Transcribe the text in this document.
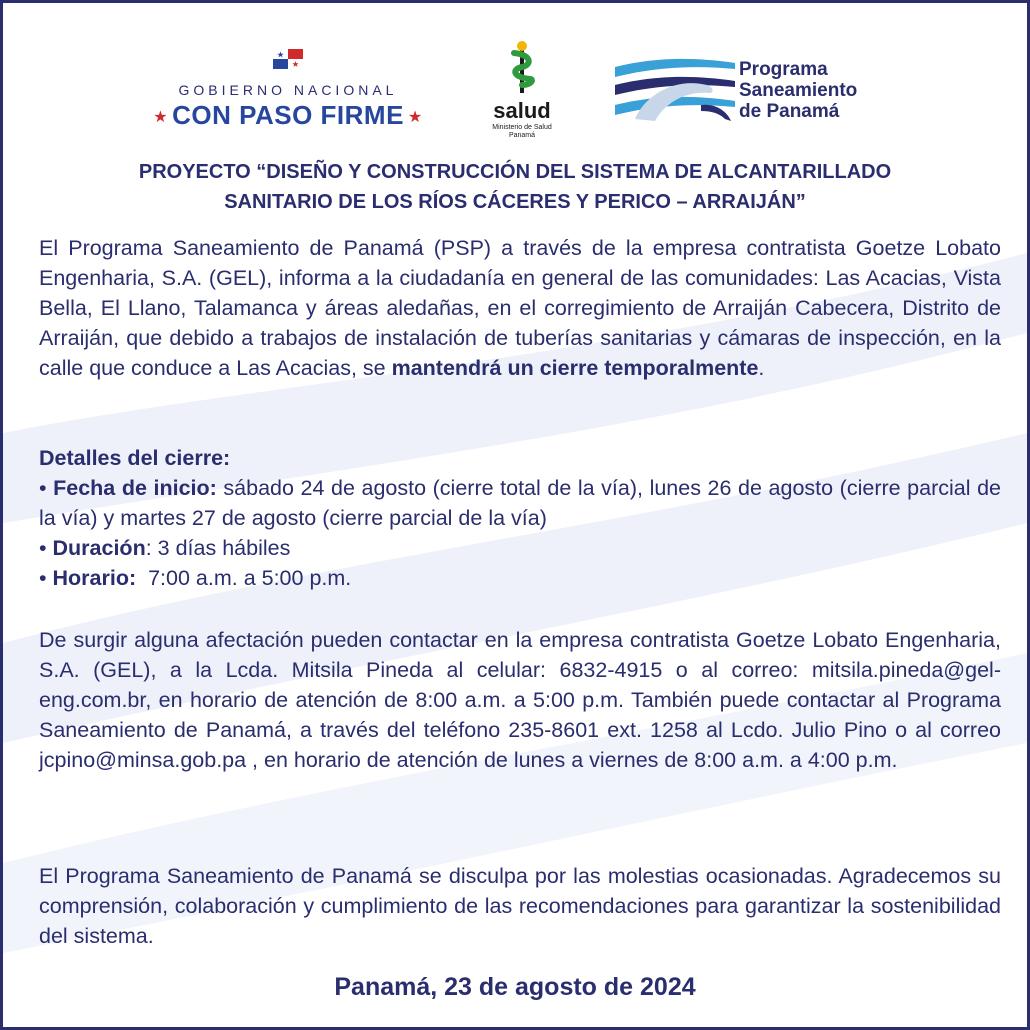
GOBIERNO NACIONAL
★ CON PASO FIRME ★	salud
Ministerio de Salud
Panamá
Programa
Saneamiento
de Panamá
PROYECTO “DISEÑO Y CONSTRUCCIÓN DEL SISTEMA DE ALCANTARILLADO
SANITARIO DE LOS RÍOS CÁCERES Y PERICO – ARRAIJÁN”
El Programa Saneamiento de Panamá (PSP) a través de la empresa contratista Goetze Lobato Engenharia, S.A. (GEL), informa a la ciudadanía en general de las comunidades: Las Acacias, Vista Bella, El Llano, Talamanca y áreas aledañas, en el corregimiento de Arraiján Cabecera, Distrito de Arraiján, que debido a trabajos de instalación de tuberías sanitarias y cámaras de inspección, en la calle que conduce a Las Acacias, se mantendrá un cierre temporalmente.
Detalles del cierre:
• Fecha de inicio: sábado 24 de agosto (cierre total de la vía), lunes 26 de agosto (cierre parcial de la vía) y martes 27 de agosto (cierre parcial de la vía)
• Duración: 3 días hábiles
• Horario:  7:00 a.m. a 5:00 p.m.
De surgir alguna afectación pueden contactar en la empresa contratista Goetze Lobato Engenharia, S.A. (GEL), a la Lcda. Mitsila Pineda al celular: 6832-4915 o al correo: mitsila.pineda@gel-eng.com.br, en horario de atención de 8:00 a.m. a 5:00 p.m. También puede contactar al Programa Saneamiento de Panamá, a través del teléfono 235-8601 ext. 1258 al Lcdo. Julio Pino o al correo jcpino@minsa.gob.pa , en horario de atención de lunes a viernes de 8:00 a.m. a 4:00 p.m.
El Programa Saneamiento de Panamá se disculpa por las molestias ocasionadas. Agradecemos su comprensión, colaboración y cumplimiento de las recomendaciones para garantizar la sostenibilidad del sistema.
Panamá, 23 de agosto de 2024
